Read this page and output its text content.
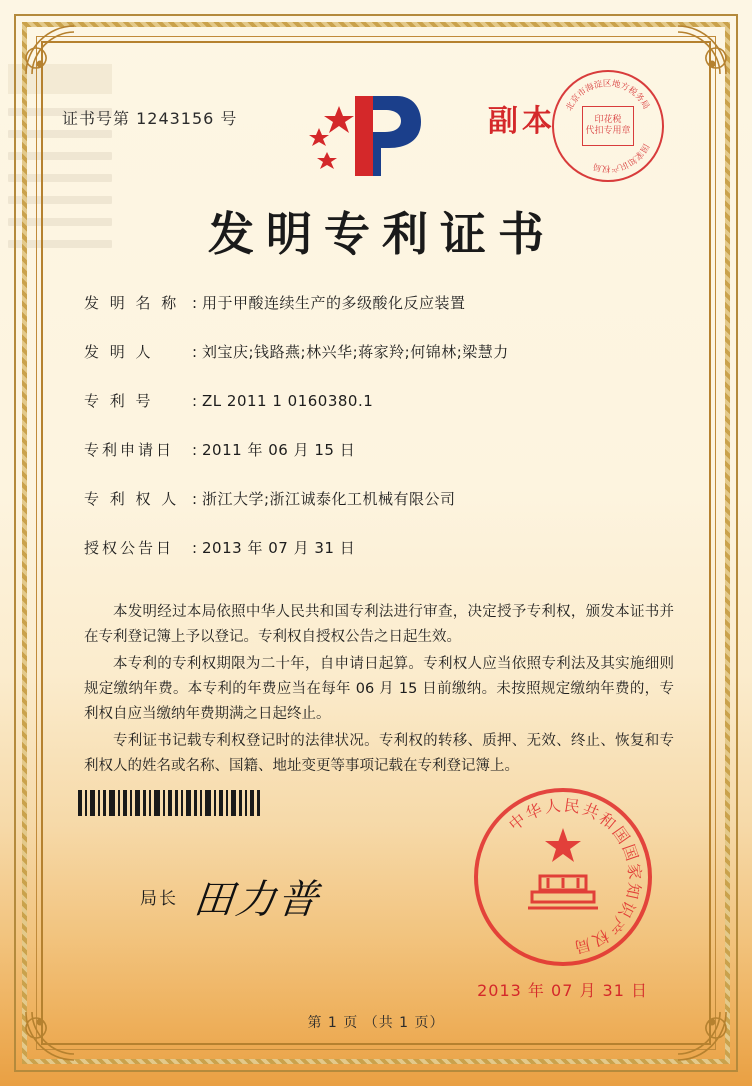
证书号第 1243156 号	副本 北京市海淀区地方税务局
国家知识产权局
印花税
代扣专用章
发明专利证书
发 明 名 称 : 用于甲酸连续生产的多级酸化反应装置
发 明 人	: 刘宝庆;钱路燕;林兴华;蒋家羚;何锦林;梁慧力
专 利 号	: ZL 2011 1 0160380.1
专利申请日	: 2011 年 06 月 15 日
专 利 权 人 : 浙江大学;浙江诚泰化工机械有限公司
授权公告日	: 2013 年 07 月 31 日

本发明经过本局依照中华人民共和国专利法进行审查，决定授予专利权，颁发本证书并在专利登记簿上予以登记。专利权自授权公告之日起生效。

本专利的专利权期限为二十年，自申请日起算。专利权人应当依照专利法及其实施细则规定缴纳年费。本专利的年费应当在每年 06 月 15 日前缴纳。未按照规定缴纳年费的，专利权自应当缴纳年费期满之日起终止。

专利证书记载专利权登记时的法律状况。专利权的转移、质押、无效、终止、恢复和专利权人的姓名或名称、国籍、地址变更等事项记载在专利登记簿上。

局长 田力普
中华人民共和国国家知识产权局
2013 年 07 月 31 日
第 1 页 （共 1 页）
